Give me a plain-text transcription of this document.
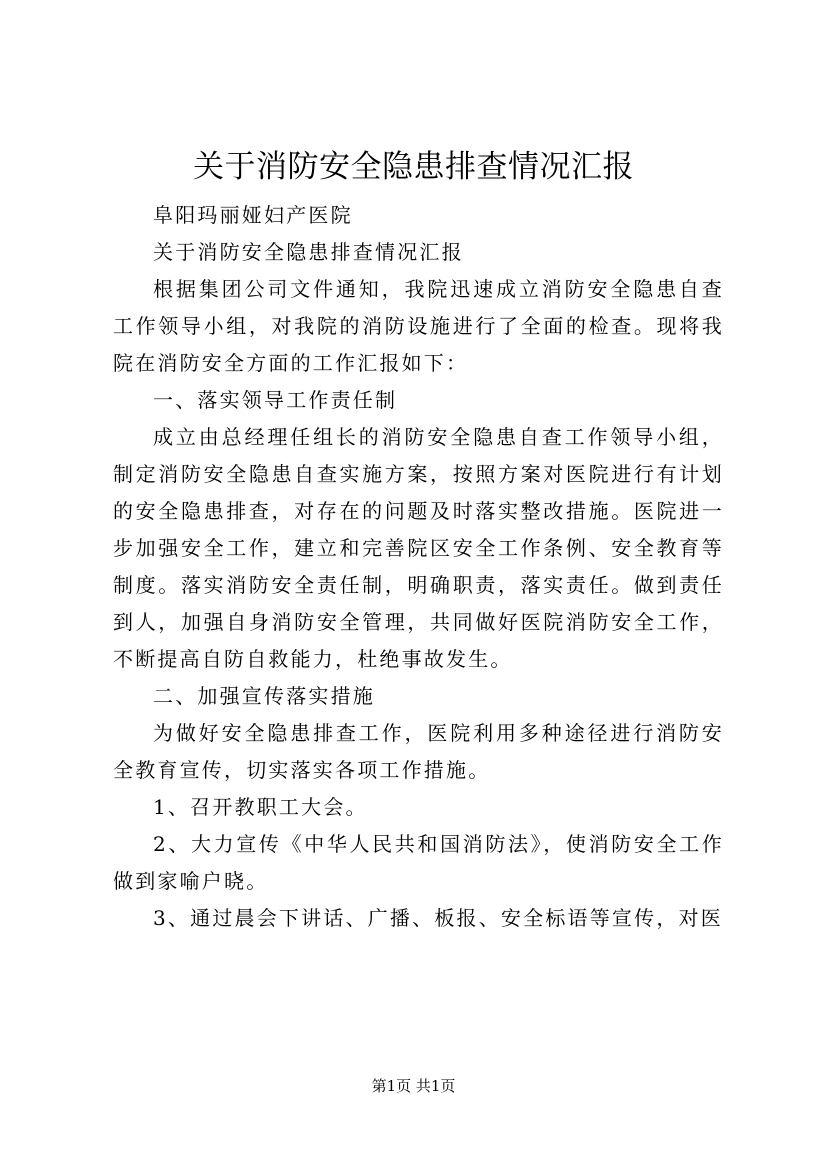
关于消防安全隐患排查情况汇报

阜阳玛丽娅妇产医院

关于消防安全隐患排查情况汇报

根据集团公司文件通知，我院迅速成立消防安全隐患自查工作领导小组，对我院的消防设施进行了全面的检查。现将我院在消防安全方面的工作汇报如下：

一、落实领导工作责任制

成立由总经理任组长的消防安全隐患自查工作领导小组，制定消防安全隐患自查实施方案，按照方案对医院进行有计划的安全隐患排查，对存在的问题及时落实整改措施。医院进一步加强安全工作，建立和完善院区安全工作条例、安全教育等制度。落实消防安全责任制，明确职责，落实责任。做到责任到人，加强自身消防安全管理，共同做好医院消防安全工作，不断提高自防自救能力，杜绝事故发生。

二、加强宣传落实措施

为做好安全隐患排查工作，医院利用多种途径进行消防安全教育宣传，切实落实各项工作措施。

1、召开教职工大会。

2、大力宣传《中华人民共和国消防法》，使消防安全工作做到家喻户晓。

3、通过晨会下讲话、广播、板报、安全标语等宣传，对医

第1页 共1页
